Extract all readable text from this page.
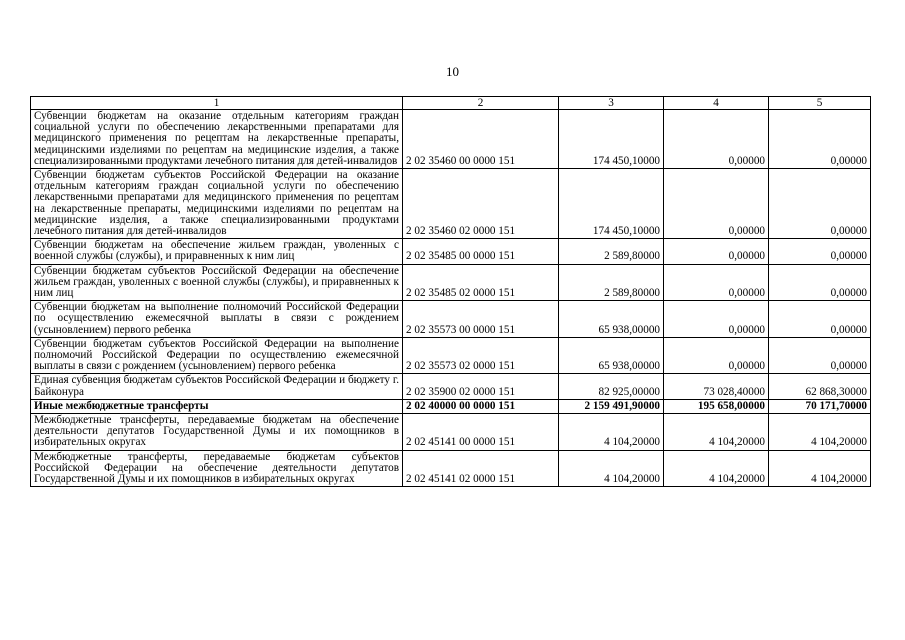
10
1	2	3	4	5
Субвенции бюджетам на оказание отдельным категориям граждан социальной услуги по обеспечению лекарственными препаратами для медицинского применения по рецептам на лекарственные препараты, медицинскими изделиями по рецептам на медицинские изделия, а также специализированными продуктами лечебного питания для детей-инвалидов	2 02 35460 00 0000 151	174 450,10000	0,00000	0,00000
Субвенции бюджетам субъектов Российской Федерации на оказание отдельным категориям граждан социальной услуги по обеспечению лекарственными препаратами для медицинского применения по рецептам на лекарственные препараты, медицинскими изделиями по рецептам на медицинские изделия, а также специализированными продуктами лечебного питания для детей-инвалидов	2 02 35460 02 0000 151	174 450,10000	0,00000	0,00000
Субвенции бюджетам на обеспечение жильем граждан, уволенных с военной службы (службы), и приравненных к ним лиц	2 02 35485 00 0000 151	2 589,80000	0,00000	0,00000
Субвенции бюджетам субъектов Российской Федерации на обеспечение жильем граждан, уволенных с военной службы (службы), и приравненных к ним лиц	2 02 35485 02 0000 151	2 589,80000	0,00000	0,00000
Субвенции бюджетам на выполнение полномочий Российской Федерации по осуществлению ежемесячной выплаты в связи с рождением (усыновлением) первого ребенка	2 02 35573 00 0000 151	65 938,00000	0,00000	0,00000
Субвенции бюджетам субъектов Российской Федерации на выполнение полномочий Российской Федерации по осуществлению ежемесячной выплаты в связи с рождением (усыновлением) первого ребенка	2 02 35573 02 0000 151	65 938,00000	0,00000	0,00000
Единая субвенция бюджетам субъектов Российской Федерации и бюджету г. Байконура	2 02 35900 02 0000 151	82 925,00000	73 028,40000	62 868,30000
Иные межбюджетные трансферты	2 02 40000 00 0000 151	2 159 491,90000	195 658,00000	70 171,70000
Межбюджетные трансферты, передаваемые бюджетам на обеспечение деятельности депутатов Государственной Думы и их помощников в избирательных округах	2 02 45141 00 0000 151	4 104,20000	4 104,20000	4 104,20000
Межбюджетные трансферты, передаваемые бюджетам субъектов Российской Федерации на обеспечение деятельности депутатов Государственной Думы и их помощников в избирательных округах	2 02 45141 02 0000 151	4 104,20000	4 104,20000	4 104,20000
